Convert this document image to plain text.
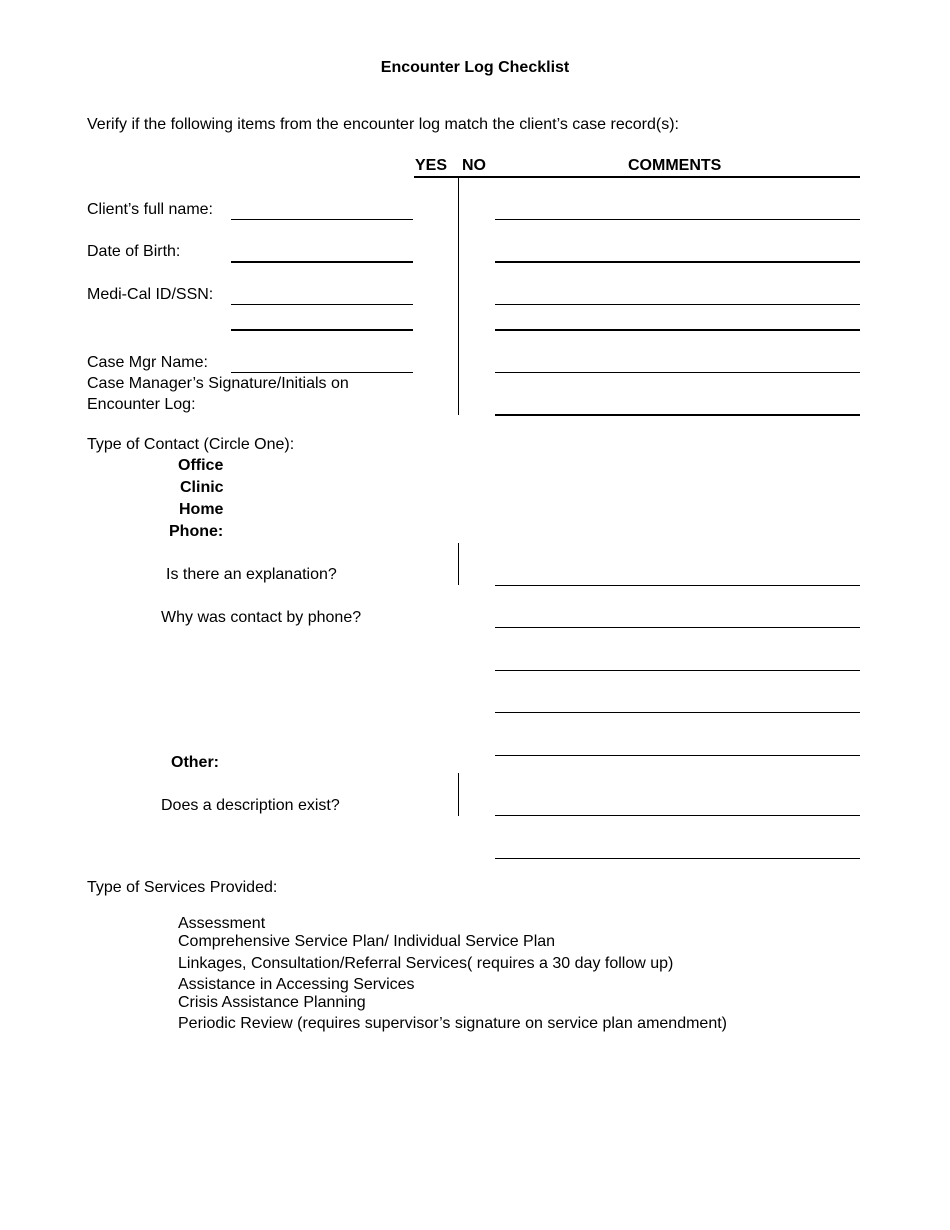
Encounter Log Checklist
Verify if the following items from the encounter log match the client’s case record(s):
YES NO	COMMENTS
Client’s full name:
Date of Birth:
Medi-Cal ID/SSN:
Case Mgr Name:
Case Manager’s Signature/Initials on
Encounter Log:
Type of Contact (Circle One):
Office
Clinic
Home
Phone:
Is there an explanation?
Why was contact by phone?
Other:
Does a description exist?
Type of Services Provided:
Assessment
Comprehensive Service Plan/ Individual Service Plan
Linkages, Consultation/Referral Services( requires a 30 day follow up)
Assistance in Accessing Services
Crisis Assistance Planning
Periodic Review (requires supervisor’s signature on service plan amendment)
